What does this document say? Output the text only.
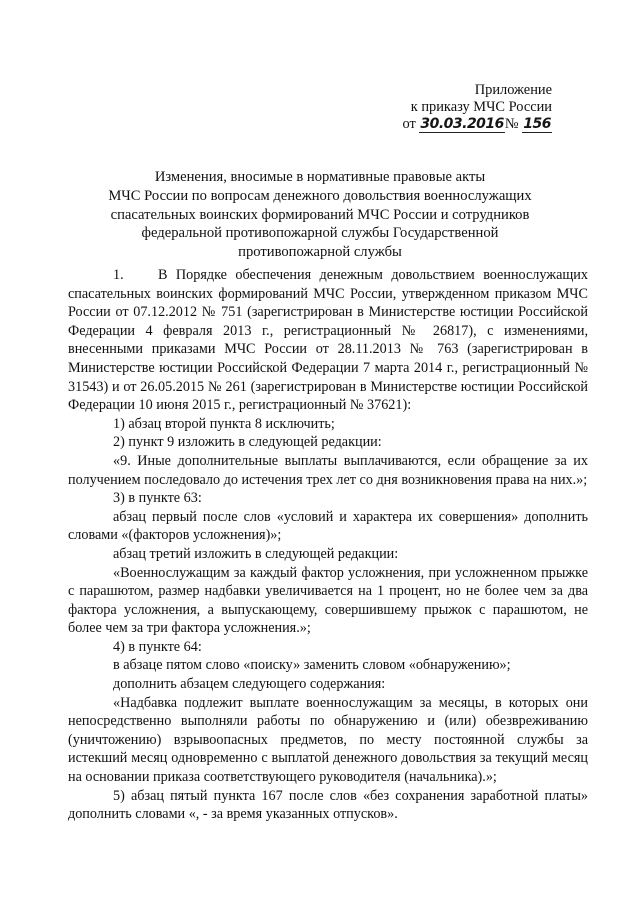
Приложение
к приказу МЧС России
от 30.03.2016№ 156
Изменения, вносимые в нормативные правовые акты
МЧС России по вопросам денежного довольствия военнослужащих
спасательных воинских формирований МЧС России и сотрудников
федеральной противопожарной службы Государственной
противопожарной службы

1. В Порядке обеспечения денежным довольствием военнослужащих спасательных воинских формирований МЧС России, утвержденном приказом МЧС России от 07.12.2012 № 751 (зарегистрирован в Министерстве юстиции Российской Федерации 4 февраля 2013 г., регистрационный № 26817), с изменениями, внесенными приказами МЧС России от 28.11.2013 № 763 (зарегистрирован в Министерстве юстиции Российской Федерации 7 марта 2014 г., регистрационный № 31543) и от 26.05.2015 № 261 (зарегистрирован в Министерстве юстиции Российской Федерации 10 июня 2015 г., регистрационный № 37621):

1) абзац второй пункта 8 исключить;

2) пункт 9 изложить в следующей редакции:

«9. Иные дополнительные выплаты выплачиваются, если обращение за их получением последовало до истечения трех лет со дня возникновения права на них.»;

3) в пункте 63:

абзац первый после слов «условий и характера их совершения» дополнить словами «(факторов усложнения)»;

абзац третий изложить в следующей редакции:

«Военнослужащим за каждый фактор усложнения, при усложненном прыжке с парашютом, размер надбавки увеличивается на 1 процент, но не более чем за два фактора усложнения, а выпускающему, совершившему прыжок с парашютом, не более чем за три фактора усложнения.»;

4) в пункте 64:

в абзаце пятом слово «поиску» заменить словом «обнаружению»;

дополнить абзацем следующего содержания:

«Надбавка подлежит выплате военнослужащим за месяцы, в которых они непосредственно выполняли работы по обнаружению и (или) обезвреживанию (уничтожению) взрывоопасных предметов, по месту постоянной службы за истекший месяц одновременно с выплатой денежного довольствия за текущий месяц на основании приказа соответствующего руководителя (начальника).»;

5) абзац пятый пункта 167 после слов «без сохранения заработной платы» дополнить словами «, - за время указанных отпусков».
